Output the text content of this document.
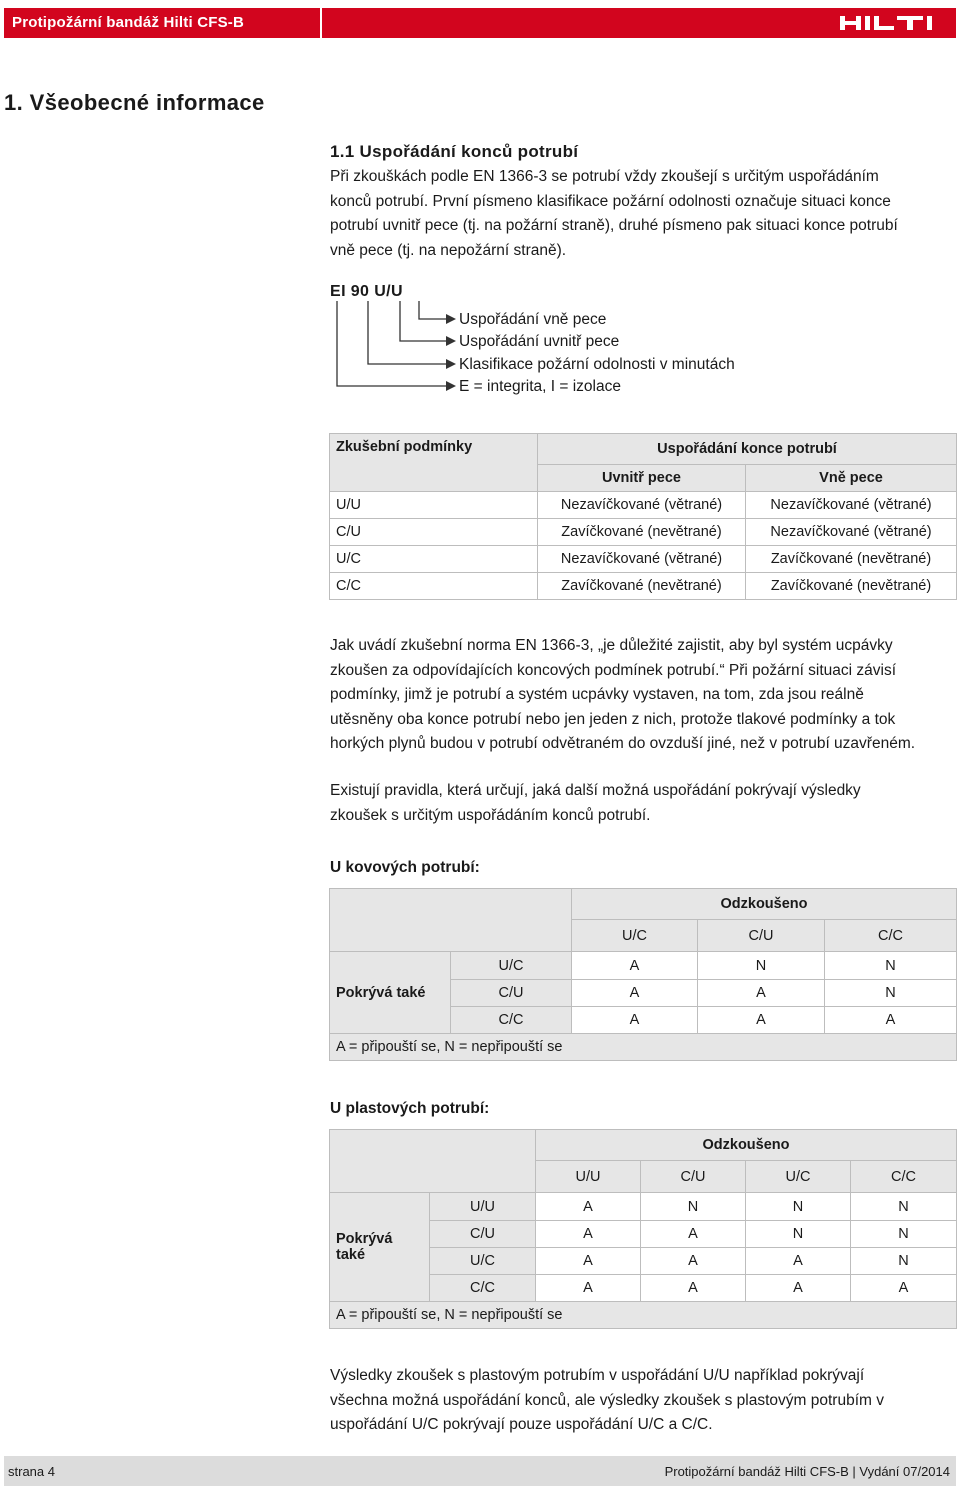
Protipožární bandáž Hilti CFS-B
1. Všeobecné informace
1.1 Uspořádání konců potrubí
Při zkouškách podle EN 1366-3 se potrubí vždy zkoušejí s určitým uspořádáním
konců potrubí. První písmeno klasifikace požární odolnosti označuje situaci konce
potrubí uvnitř pece (tj. na požární straně), druhé písmeno pak situaci konce potrubí
vně pece (tj. na nepožární straně).
EI 90 U/U
Uspořádání vně pece
Uspořádání uvnitř pece
Klasifikace požární odolnosti v minutách
E = integrita, I = izolace
Zkušební podmínky	Uspořádání konce potrubí	
	Uvnitř pece	Vně pece
U/U	Nezavíčkované (větrané)	Nezavíčkované (větrané)
C/U	Zavíčkované (nevětrané)	Nezavíčkované (větrané)
U/C	Nezavíčkované (větrané)	Zavíčkované (nevětrané)
C/C	Zavíčkované (nevětrané)	Zavíčkované (nevětrané)
Jak uvádí zkušební norma EN 1366-3, „je důležité zajistit, aby byl systém ucpávky
zkoušen za odpovídajících koncových podmínek potrubí.“ Při požární situaci závisí
podmínky, jimž je potrubí a systém ucpávky vystaven, na tom, zda jsou reálně
utěsněny oba konce potrubí nebo jen jeden z nich, protože tlakové podmínky a tok
horkých plynů budou v potrubí odvětraném do ovzduší jiné, než v potrubí uzavřeném.
Existují pravidla, která určují, jaká další možná uspořádání pokrývají výsledky
zkoušek s určitým uspořádáním konců potrubí.
U kovových potrubí:
		Odzkoušeno		
		U/C	C/U	C/C
Pokrývá také	U/C	A	N	N
	C/U	A	A	N
	C/C	A	A	A
A = připouští se, N = nepřipouští se				
U plastových potrubí:
		Odzkoušeno			
		U/U	C/U	U/C	C/C
Pokrývá také	U/U	A	N	N	N
	C/U	A	A	N	N
	U/C	A	A	A	N
	C/C	A	A	A	A
A = připouští se, N = nepřipouští se					
Výsledky zkoušek s plastovým potrubím v uspořádání U/U například pokrývají
všechna možná uspořádání konců, ale výsledky zkoušek s plastovým potrubím v
uspořádání U/C pokrývají pouze uspořádání U/C a C/C.
strana 4	Protipožární bandáž Hilti CFS-B | Vydání 07/2014
